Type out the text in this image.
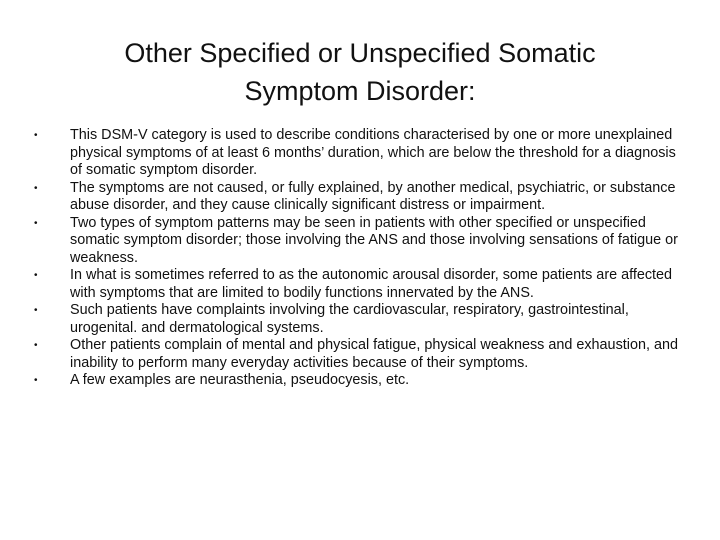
Other Specified or Unspecified Somatic
Symptom Disorder:
•	This DSM-V category is used to describe conditions characterised by one or more unexplained physical symptoms of at least 6 months’ duration, which are below the threshold for a diagnosis of somatic symptom disorder.
•	The symptoms are not caused, or fully explained, by another medical, psychiatric, or substance abuse disorder, and they cause clinically significant distress or impairment.
•	Two types of symptom patterns may be seen in patients with other specified or unspecified somatic symptom disorder; those involving the ANS and those involving sensations of fatigue or weakness.
•	In what is sometimes referred to as the autonomic arousal disorder, some patients are affected with symptoms that are limited to bodily functions innervated by the ANS.
•	Such patients have complaints involving the cardiovascular, respiratory, gastrointestinal, urogenital. and dermatological systems.
•	Other patients complain of mental and physical fatigue, physical weakness and exhaustion, and inability to perform many everyday activities because of their symptoms.
•	A few examples are neurasthenia, pseudocyesis, etc.
